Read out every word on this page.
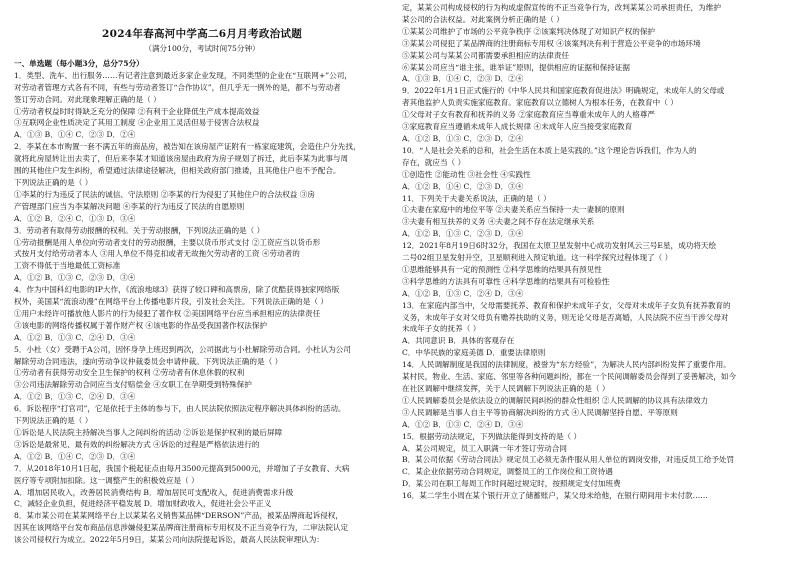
2024年春高河中学高二6月月考政治试题
（满分100分，考试时间75分钟）
一、单选题（每小题3分，总分75分）
1．类型、洗车、出行服务……有记者注意到最近多家企业发现，不同类型的企业在“互联网+”公司，
对劳动者管理方式各有不同，有些与劳动者签订“合作协议”，但几乎无一例外的是，都不与劳动者
签订劳动合同。对此现象理解正确的是（ ）
①劳动者权益时时得缺乏充分的保障 ②有利于企业降低生产成本提高效益
③互联网企业性质决定了其用工制度 ④企业用工灵活但易于侵害合法权益
A．①③ B．①④ C．②③ D．②④
2．李某在本市购置一套不满五年的商品房，被告知在该房屋产证附有一栋家庭建筑，会造住户分先找，
就将此房屋转让出去卖了，但后来李某才知道该房屋由政府为房子规划了拆迁，此后李某为此事与周
围的其他住户发生纠纷，希望通过法律途径解决，但相关政府部门推诿，且其他住户也不予配合。
下列说法正确的是（ ）
①李某的行为违反了民法的诚信、守法原则 ②李某的行为侵犯了其他住户的合法权益 ③房
产管理部门应当为李某解决问题 ④李某的行为违反了民法的自愿原则
A．①② B．②④ C．①③ D．③④
3．劳动者有取得劳动报酬的权利。关于劳动报酬，下列说法正确的是（ ）
①劳动报酬是用人单位向劳动者支付的劳动报酬，主要以货币形式支付 ②工资应当以货币形
式按月支付给劳动者本人 ③用人单位不得克扣或者无故拖欠劳动者的工资 ④劳动者的
工资不得低于当地最低工资标准
A．①② B．①③ C．②③ D．③④
4．作为中国科幻电影的IP大作，《流浪地球3》获得了较口碑和高票房，除了优酷获得独家网络版
权外，美国某“流浪动漫”在网络平台上传播电影片段，引发社会关注。下列说法正确的是（ ）
①用户未经许可播放他人影片的行为侵犯了著作权 ②美国网络平台应当承担相应的法律责任
③该电影的网络传播权属于著作财产权 ④该电影的作品受我国著作权法保护
A．①② B．①③ C．②④ D．③④
5．小杜（女）受聘于A公司，因怀身孕上班迟到两次，公司据此与小杜解除劳动合同。小杜认为公司
解除劳动合同违法，遂向劳动争议仲裁委员会申请仲裁。下列说法正确的是（ ）
①劳动者有获得劳动安全卫生保护的权利 ②劳动者有休息休假的权利
③公司违法解除劳动合同应当支付赔偿金 ④女职工在孕期受到特殊保护
A．①② B．①③ C．②④ D．③④
6．诉讼程序“打官司”，它是依托于主体的参与下，由人民法院依照法定程序解决具体纠纷的活动。
下列说法正确的是（ ）
①诉讼是人民法院主持解决当事人之间纠纷的活动 ②诉讼是保护权利的最后屏障
③诉讼是最常见、最有效的纠纷解决方式 ④诉讼的过程是严格依法进行的
A．①② B．①④ C．②③ D．③④
7．从2018年10月1日起，我国个税起征点由每月3500元提高到5000元，并增加了子女教育、大病
医疗等专项附加扣除。这一调整产生的积极效应是（ ）
A．增加居民收入，改善居民消费结构 B．增加居民可支配收入，促进消费需求升级
C．减轻企业负担，促进经济平稳发展 D．增加财政收入，促进社会公平正义
8．某市某公司在某某网络平台上以某某名义销售某品牌“DERSON”产品，被某品牌商起诉侵权，
因其在该网络平台发布商品信息涉嫌侵犯某品牌商注册商标专用权及不正当竞争行为，二审法院认定
该公司侵权行为成立。2022年5月9日，某某公司向法院提起诉讼，最高人民法院审理认为：
定，某某公司构成侵权的行为构成虚假宣传的不正当竞争行为，改判某某公司承担责任，为维护
某公司的合法权益。对此案例分析正确的是（ ）
①某某公司维护了市场的公平竞争秩序 ②该案判决体现了对知识产权的保护
③某某公司侵犯了某品牌商的注册商标专用权 ④该案判决有利于营造公平竞争的市场环境
⑤某某公司与某某公司都需要承担相应的法律责任
⑥某某公司应当“谁主张，谁举证”原则，提供相应的证据和保持证据
A．①③ B．①④ C．②③ D．②④
9．2022年1月1日正式施行的《中华人民共和国家庭教育促进法》明确规定，未成年人的父母或
者其他监护人负责实施家庭教育。家庭教育以立德树人为根本任务，在教育中（ ）
①父母对子女有教育和抚养的义务 ②家庭教育应当尊重未成年人的人格尊严
③家庭教育应当遵循未成年人成长规律 ④未成年人应当接受家庭教育
A．①② B．①③ C．②③ D．②④
10．“人是社会关系的总和，社会生活在本质上是实践的。”这个理论告诉我们，作为人的
存在，就应当（ ）
①创造性 ②能动性 ③社会性 ④实践性
A．①② B．①④ C．②③ D．③④
11．下列关于夫妻关系说法，正确的是（ ）
①夫妻在家庭中的地位平等 ②夫妻关系应当保持一夫一妻制的原则
③夫妻有相互扶养的义务 ④夫妻之间不存在法定继承关系
A．①② B．①③ C．②③ D．③④
12．2021年8月19日6时32分，我国在太原卫星发射中心成功发射风云三号E星，成功将天绘
二号02组卫星发射升空，卫星顺利进入预定轨道。这一科学探究过程体现了（ ）
①思维能够具有一定的预测性 ②科学思维的结果具有预见性
③科学思维的方法具有可靠性 ④科学思维的结果具有可检验性
A．①② B．①③ C．②④ D．③④
13．在家庭内部当中，父母需要抚养、教育和保护未成年子女，父母对未成年子女负有抚养教育的
义务，未成年子女对父母负有赡养扶助的义务，则无论父母是否离婚，人民法院不应当干涉父母对
未成年子女的抚养（ ）
A．共同意识 B．具体的客观存在
C．中华民族的家庭美德 D．重要法律原则
14．人民调解制度是我国的法律制度，被誉为“东方经验”，为解决人民内部纠纷发挥了重要作用。
某村民，物业、生活、家庭、邻里等各种问题纠纷，都在一个民间调解委员会得到了妥善解决，如今
在社区调解中继续发挥，关于人民调解下列说法正确的是（ ）
①人民调解委员会是依法设立的调解民间纠纷的群众性组织 ②人民调解的协议具有法律效力
③人民调解是当事人自主平等协商解决纠纷的方式 ④人民调解坚持自愿、平等原则
A．①② B．①③ C．②④ D．③④
15．根据劳动法规定，下列做法能得到支持的是（ ）
A．某公司规定，员工入职满一年才签订劳动合同
B．某公司依据《劳动合同法》规定员工必须无条件服从用人单位的调岗安排，对违反员工给予处罚
C．某企业依据劳动合同规定，调整员工的工作岗位和工资待遇
D．某公司在职工每周工作时间超过规定时，按照规定支付加班费
16．某二学生小周在某个银行开立了储蓄账户，某父母未给他，在银行期间用卡未付款……
